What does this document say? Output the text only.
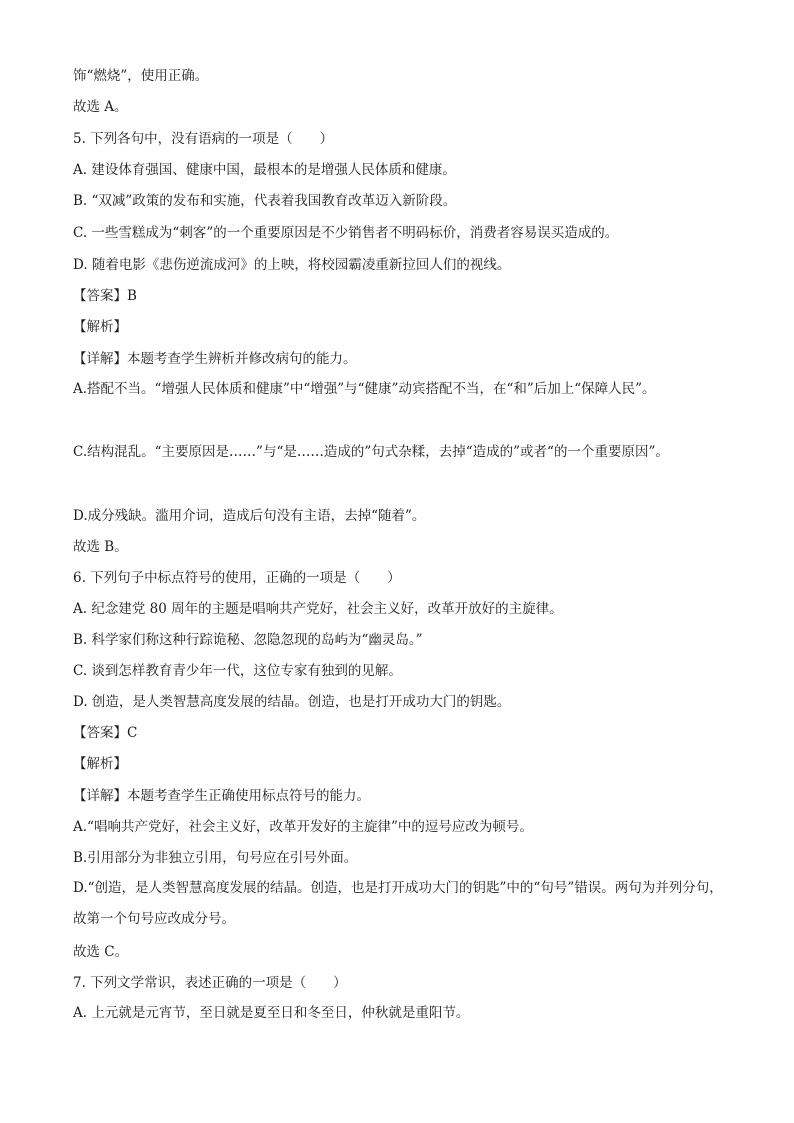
饰“燃烧”，使用正确。
故选 A。
5. 下列各句中，没有语病的一项是（　　）
A. 建设体育强国、健康中国，最根本的是增强人民体质和健康。
B. “双减”政策的发布和实施，代表着我国教育改革迈入新阶段。
C. 一些雪糕成为“刺客”的一个重要原因是不少销售者不明码标价，消费者容易误买造成的。
D. 随着电影《悲伤逆流成河》的上映，将校园霸凌重新拉回人们的视线。
【答案】B
【解析】
【详解】本题考查学生辨析并修改病句的能力。
A.搭配不当。“增强人民体质和健康”中“增强”与“健康”动宾搭配不当，在“和”后加上“保障人民”。
C.结构混乱。“主要原因是……”与“是……造成的”句式杂糅，去掉“造成的”或者“的一个重要原因”。
D.成分残缺。滥用介词，造成后句没有主语，去掉“随着”。
故选 B。
6. 下列句子中标点符号的使用，正确的一项是（　　）
A. 纪念建党 80 周年的主题是唱响共产党好，社会主义好，改革开放好的主旋律。
B. 科学家们称这种行踪诡秘、忽隐忽现的岛屿为“幽灵岛。”
C. 谈到怎样教育青少年一代，这位专家有独到的见解。
D. 创造，是人类智慧高度发展的结晶。创造，也是打开成功大门的钥匙。
【答案】C
【解析】
【详解】本题考查学生正确使用标点符号的能力。
A.“唱响共产党好，社会主义好，改革开发好的主旋律”中的逗号应改为顿号。
B.引用部分为非独立引用，句号应在引号外面。
D.“创造，是人类智慧高度发展的结晶。创造，也是打开成功大门的钥匙”中的“句号”错误。两句为并列分句，故第一个句号应改成分号。
故选 C。
7. 下列文学常识，表述正确的一项是（　　）
A. 上元就是元宵节，至日就是夏至日和冬至日，仲秋就是重阳节。
